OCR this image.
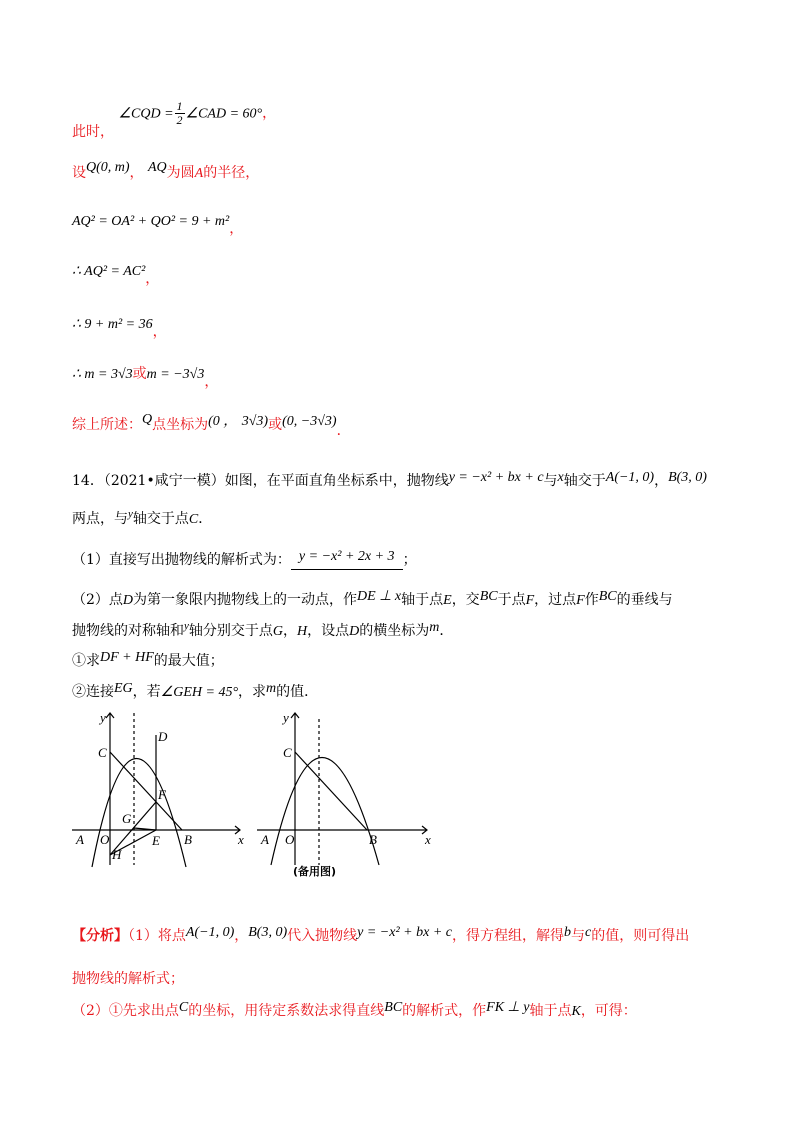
此时， ∠CQD = $\frac{1}{2}$ ∠CAD = 60°，
设Q(0, m)， AQ为圆A的半径，
AQ² = OA² + QO² = 9 + m²，
∴ AQ² = AC²，
∴ 9 + m² = 36，
∴ m = 3√3或m = −3√3，
综上所述：Q点坐标为(0 ， 3√3)或(0, −3√3)．
14．（2021•咸宁一模）如图，在平面直角坐标系中，抛物线y = −x² + bx + c与x轴交于A(−1, 0)，B(3, 0)
两点，与$^y$轴交于点C．
（1）直接写出抛物线的解析式为： y = −x² + 2x + 3 ；
（2）点D为第一象限内抛物线上的一动点，作DE ⊥ x轴于点E，交BC于点F，过点F作BC的垂线与
抛物线的对称轴和$^y$轴分别交于点G，H，设点D的横坐标为m．
①求DF + HF的最大值；
②连接EG，若∠GEH = 45°，求m的值．
y
C
D
F
G
A O	E B	x
H
y
C
A O	B	x
(备用图)
【分析】（1）将点A(−1, 0)，B(3, 0)代入抛物线y = −x² + bx + c，得方程组，解得b与c的值，则可得出
抛物线的解析式；
（2）①先求出点C的坐标，用待定系数法求得直线BC的解析式，作FK ⊥ y轴于点K，可得：
